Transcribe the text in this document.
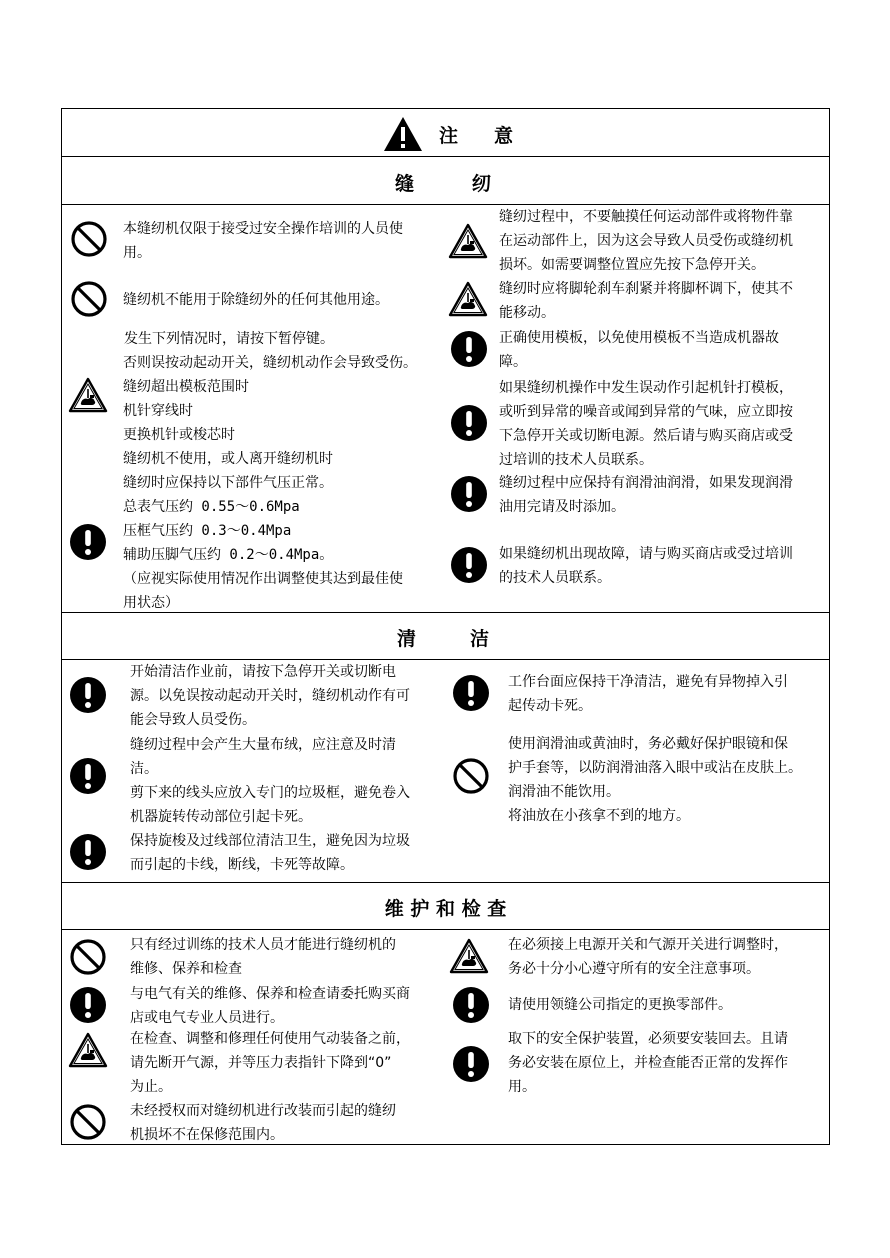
注 意
缝	纫
本缝纫机仅限于接受过安全操作培训的人员使
用。
缝纫机不能用于除缝纫外的任何其他用途。
发生下列情况时，请按下暂停键。
否则误按动起动开关，缝纫机动作会导致受伤。
缝纫超出模板范围时
机针穿线时
更换机针或梭芯时
缝纫机不使用，或人离开缝纫机时
缝纫时应保持以下部件气压正常。
总表气压约 0.55～0.6Mpa
压框气压约 0.3～0.4Mpa
辅助压脚气压约 0.2～0.4Mpa。
（应视实际使用情况作出调整使其达到最佳使
用状态）
缝纫过程中，不要触摸任何运动部件或将物件靠
在运动部件上，因为这会导致人员受伤或缝纫机
损坏。如需要调整位置应先按下急停开关。
缝纫时应将脚轮刹车刹紧并将脚杯调下，使其不
能移动。
正确使用模板，以免使用模板不当造成机器故
障。
如果缝纫机操作中发生误动作引起机针打模板，
或听到异常的噪音或闻到异常的气味，应立即按
下急停开关或切断电源。然后请与购买商店或受
过培训的技术人员联系。
缝纫过程中应保持有润滑油润滑，如果发现润滑
油用完请及时添加。
如果缝纫机出现故障，请与购买商店或受过培训
的技术人员联系。
清	洁
开始清洁作业前，请按下急停开关或切断电
源。以免误按动起动开关时，缝纫机动作有可
能会导致人员受伤。
缝纫过程中会产生大量布绒，应注意及时清
洁。
剪下来的线头应放入专门的垃圾框，避免卷入
机器旋转传动部位引起卡死。
保持旋梭及过线部位清洁卫生，避免因为垃圾
而引起的卡线，断线，卡死等故障。
工作台面应保持干净清洁，避免有异物掉入引
起传动卡死。
使用润滑油或黄油时，务必戴好保护眼镜和保
护手套等，以防润滑油落入眼中或沾在皮肤上。
润滑油不能饮用。
将油放在小孩拿不到的地方。
维 护 和 检 查
只有经过训练的技术人员才能进行缝纫机的
维修、保养和检查
与电气有关的维修、保养和检查请委托购买商
店或电气专业人员进行。
在检查、调整和修理任何使用气动装备之前，
请先断开气源，并等压力表指针下降到“0”
为止。
未经授权而对缝纫机进行改装而引起的缝纫
机损坏不在保修范围内。
在必须接上电源开关和气源开关进行调整时，
务必十分小心遵守所有的安全注意事项。
请使用领缝公司指定的更换零部件。
取下的安全保护装置，必须要安装回去。且请
务必安装在原位上，并检查能否正常的发挥作
用。
